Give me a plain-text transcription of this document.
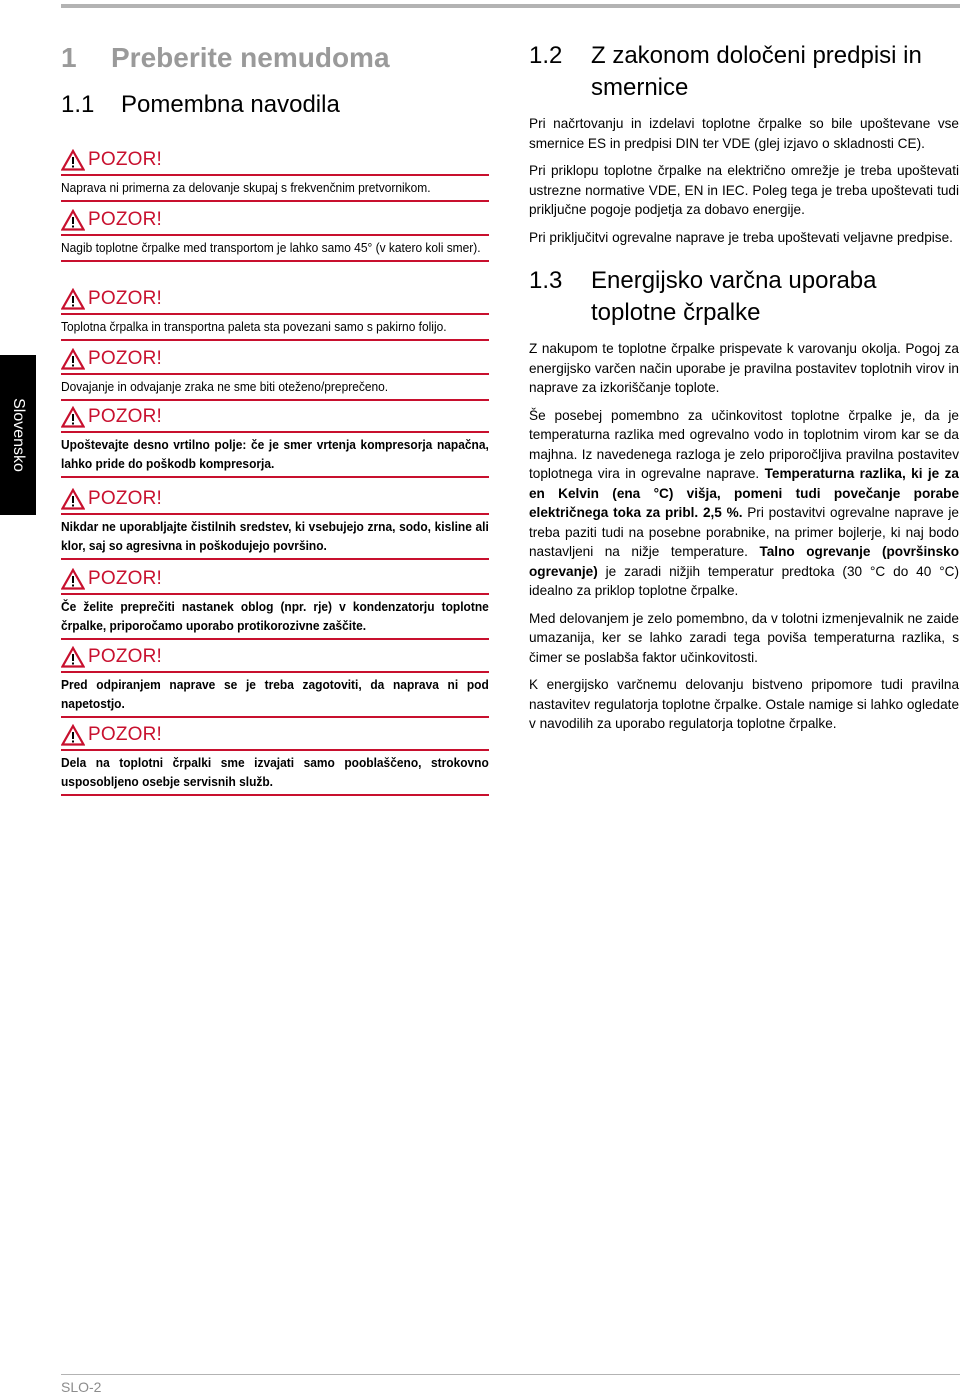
Slovensko
1	Preberite nemudoma
1.1	Pomembna navodila
POZOR!
Naprava ni primerna za delovanje skupaj s frekvenčnim pretvornikom.
POZOR!
Nagib toplotne črpalke med transportom je lahko samo 45° (v katero koli smer).
POZOR!
Toplotna črpalka in transportna paleta sta povezani samo s pakirno folijo.
POZOR!
Dovajanje in odvajanje zraka ne sme biti oteženo/preprečeno.
POZOR!
Upoštevajte desno vrtilno polje: če je smer vrtenja kompresorja napačna, lahko pride do poškodb kompresorja.
POZOR!
Nikdar ne uporabljajte čistilnih sredstev, ki vsebujejo zrna, sodo, kisline ali klor, saj so agresivna in poškodujejo površino.
POZOR!
Če želite preprečiti nastanek oblog (npr. rje) v kondenzatorju toplotne črpalke, priporočamo uporabo protikorozivne zaščite.
POZOR!
Pred odpiranjem naprave se je treba zagotoviti, da naprava ni pod napetostjo.
POZOR!
Dela na toplotni črpalki sme izvajati samo pooblaščeno, strokovno usposobljeno osebje servisnih služb.
1.2	Z zakonom določeni predpisi in
smernice

Pri načrtovanju in izdelavi toplotne črpalke so bile upoštevane vse smernice ES in predpisi DIN ter VDE (glej izjavo o skladnosti CE).

Pri priklopu toplotne črpalke na električno omrežje je treba upoštevati ustrezne normative VDE, EN in IEC. Poleg tega je treba upoštevati tudi priključne pogoje podjetja za dobavo energije.

Pri priključitvi ogrevalne naprave je treba upoštevati veljavne predpise.

1.3	Energijsko varčna uporaba
toplotne črpalke

Z nakupom te toplotne črpalke prispevate k varovanju okolja. Pogoj za energijsko varčen način uporabe je pravilna postavitev toplotnih virov in naprave za izkoriščanje toplote.

Še posebej pomembno za učinkovitost toplotne črpalke je, da je temperaturna razlika med ogrevalno vodo in toplotnim virom kar se da majhna. Iz navedenega razloga je zelo priporočljiva pravilna postavitev toplotnega vira in ogrevalne naprave. Temperaturna razlika, ki je za en Kelvin (ena °C) višja, pomeni tudi povečanje porabe električnega toka za pribl. 2,5 %. Pri postavitvi ogrevalne naprave je treba paziti tudi na posebne porabnike, na primer bojlerje, ki naj bodo nastavljeni na nižje temperature. Talno ogrevanje (površinsko ogrevanje) je zaradi nižjih temperatur predtoka (30 °C do 40 °C) idealno za priklop toplotne črpalke.

Med delovanjem je zelo pomembno, da v tolotni izmenjevalnik ne zaide umazanija, ker se lahko zaradi tega poviša temperaturna razlika, s čimer se poslabša faktor učinkovitosti.

K energijsko varčnemu delovanju bistveno pripomore tudi pravilna nastavitev regulatorja toplotne črpalke. Ostale namige si lahko ogledate v navodilih za uporabo regulatorja toplotne črpalke.

SLO-2
